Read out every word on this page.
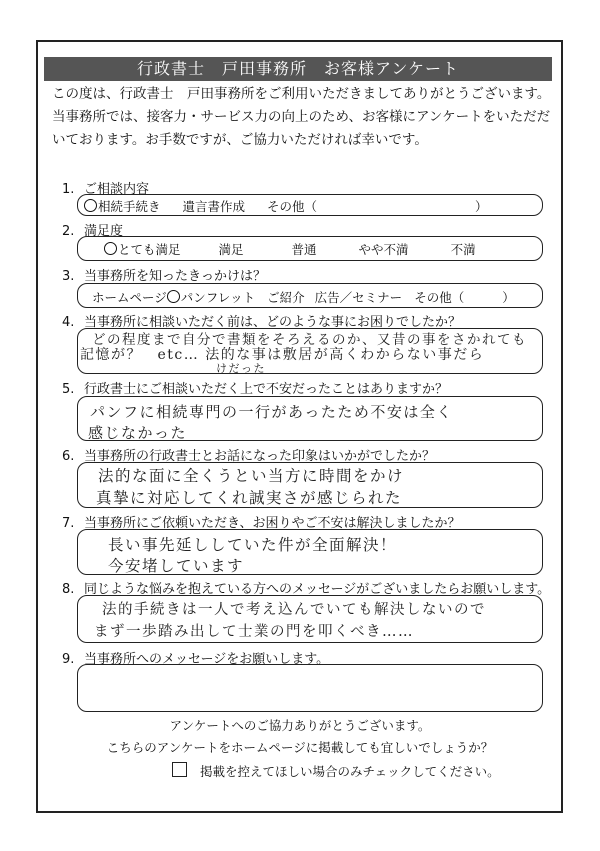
行政書士　戸田事務所　お客様アンケート
この度は、行政書士　戸田事務所をご利用いただきましてありがとうございます。
当事務所では、接客力・サービス力の向上のため、お客様にアンケートをいただだ
いております。お手数ですが、ご協力いただければ幸いです。
1. ご相談内容
相続手続き 遺言書作成 その他（	）
2. 満足度
とても満足	満足	普通	やや不満	不満
3. 当事務所を知ったきっかけは？
ホームページ	パンフレット ご紹介 広告／セミナー その他（	）
4. 当事務所に相談いただく前は、どのような事にお困りでしたか？
どの程度まで自分で書類をそろえるのか、又昔の事をさかれても
記憶が？　etc… 法的な事は敷居が高くわからない事だら
けだった
5. 行政書士にご相談いただく上で不安だったことはありますか？
パンフに相続専門の一行があったため不安は全く
感じなかった
6. 当事務所の行政書士とお話になった印象はいかがでしたか？
法的な面に全くうとい当方に時間をかけ
真摯に対応してくれ誠実さが感じられた
7. 当事務所にご依頼いただき、お困りやご不安は解決しましたか？
長い事先延ししていた件が全面解決！
今安堵しています
8. 同じような悩みを抱えている方へのメッセージがございましたらお願いします。
法的手続きは一人で考え込んでいても解決しないので
まず一歩踏み出して士業の門を叩くべき……
9. 当事務所へのメッセージをお願いします。
アンケートへのご協力ありがとうございます。
こちらのアンケートをホームページに掲載しても宜しいでしょうか？
掲載を控えてほしい場合のみチェックしてください。
